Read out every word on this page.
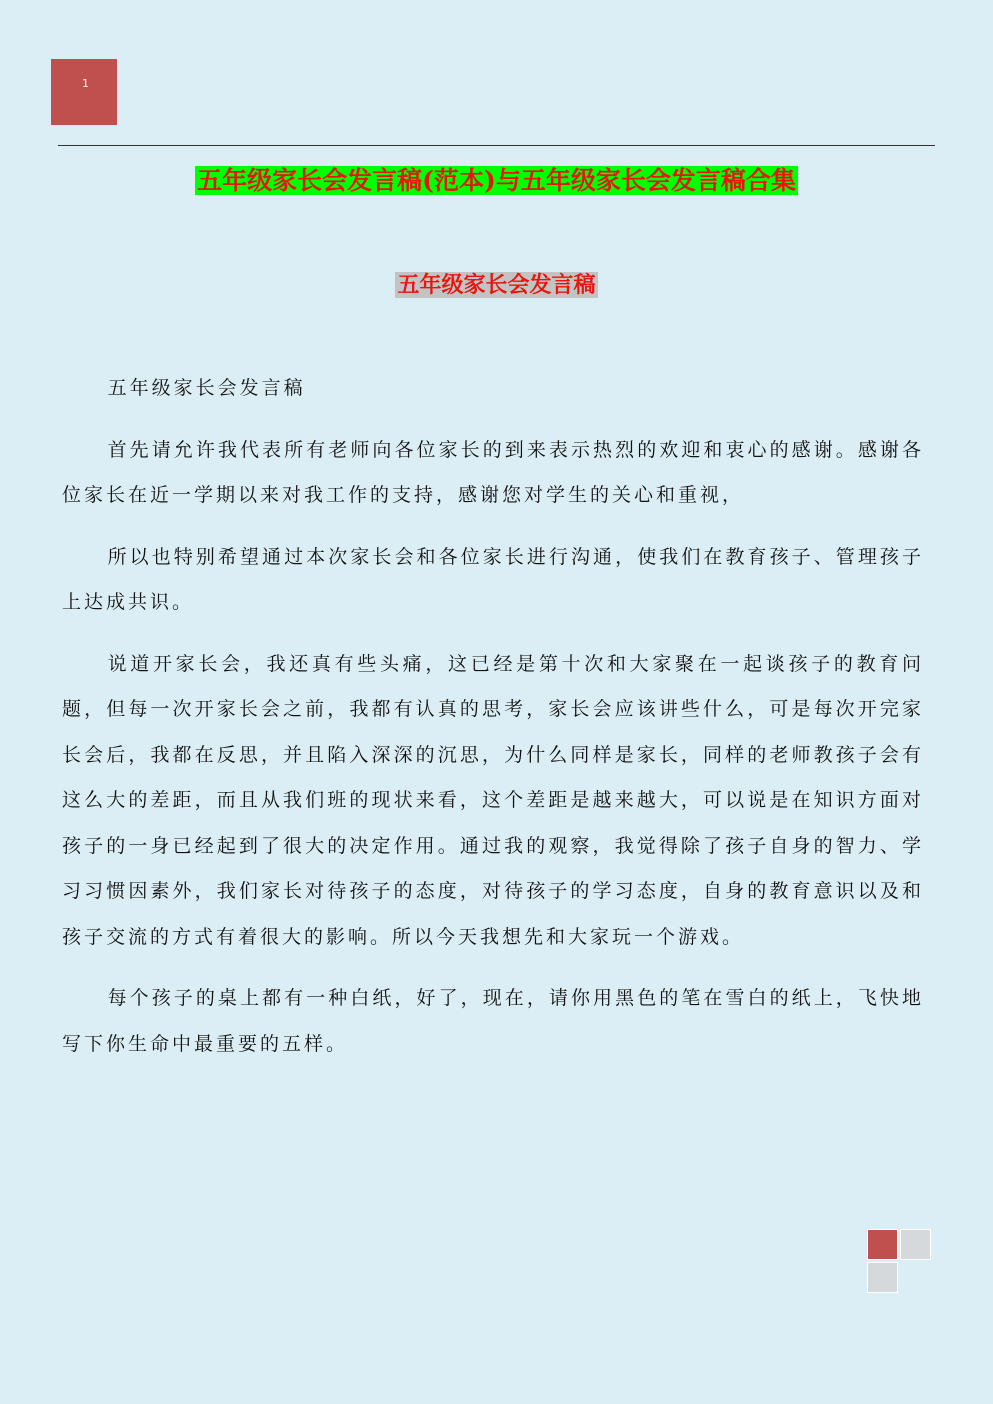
1
五年级家长会发言稿(范本)与五年级家长会发言稿合集
五年级家长会发言稿

五年级家长会发言稿

首先请允许我代表所有老师向各位家长的到来表示热烈的欢迎和衷心的感谢。感谢各位家长在近一学期以来对我工作的支持，感谢您对学生的关心和重视，

所以也特别希望通过本次家长会和各位家长进行沟通，使我们在教育孩子、管理孩子上达成共识。

说道开家长会，我还真有些头痛，这已经是第十次和大家聚在一起谈孩子的教育问题，但每一次开家长会之前，我都有认真的思考，家长会应该讲些什么，可是每次开完家长会后，我都在反思，并且陷入深深的沉思，为什么同样是家长，同样的老师教孩子会有这么大的差距，而且从我们班的现状来看，这个差距是越来越大，可以说是在知识方面对孩子的一身已经起到了很大的决定作用。通过我的观察，我觉得除了孩子自身的智力、学习习惯因素外，我们家长对待孩子的态度，对待孩子的学习态度，自身的教育意识以及和孩子交流的方式有着很大的影响。所以今天我想先和大家玩一个游戏。

每个孩子的桌上都有一种白纸，好了，现在，请你用黑色的笔在雪白的纸上，飞快地写下你生命中最重要的五样。
